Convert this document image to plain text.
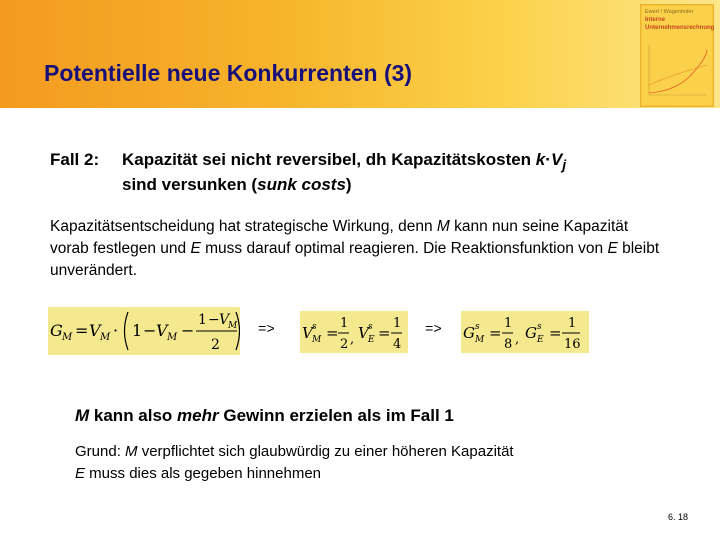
Potentielle neue Konkurrenten (3)
Ewert / Wagenhofer
Interne
Unternehmensrechnung
Fall 2: Kapazität sei nicht reversibel, dh Kapazitätskosten $k\cdot V_j$
sind versunken (sunk costs)
Kapazitätsentscheidung hat strategische Wirkung, denn M kann nun seine Kapazität vorab festlegen und E muss darauf optimal reagieren. Die Reaktionsfunktion von E bleibt unverändert.
G M = V M · 1 − V M −
1 − V
M
2
=> V s
M =
1
2 , V s
E =
1
4
=> G s
M =
1
8 , G s
E =
1
16
M kann also mehr Gewinn erzielen als im Fall 1
Grund: M verpflichtet sich glaubwürdig zu einer höheren Kapazität
E muss dies als gegeben hinnehmen
6. 18
